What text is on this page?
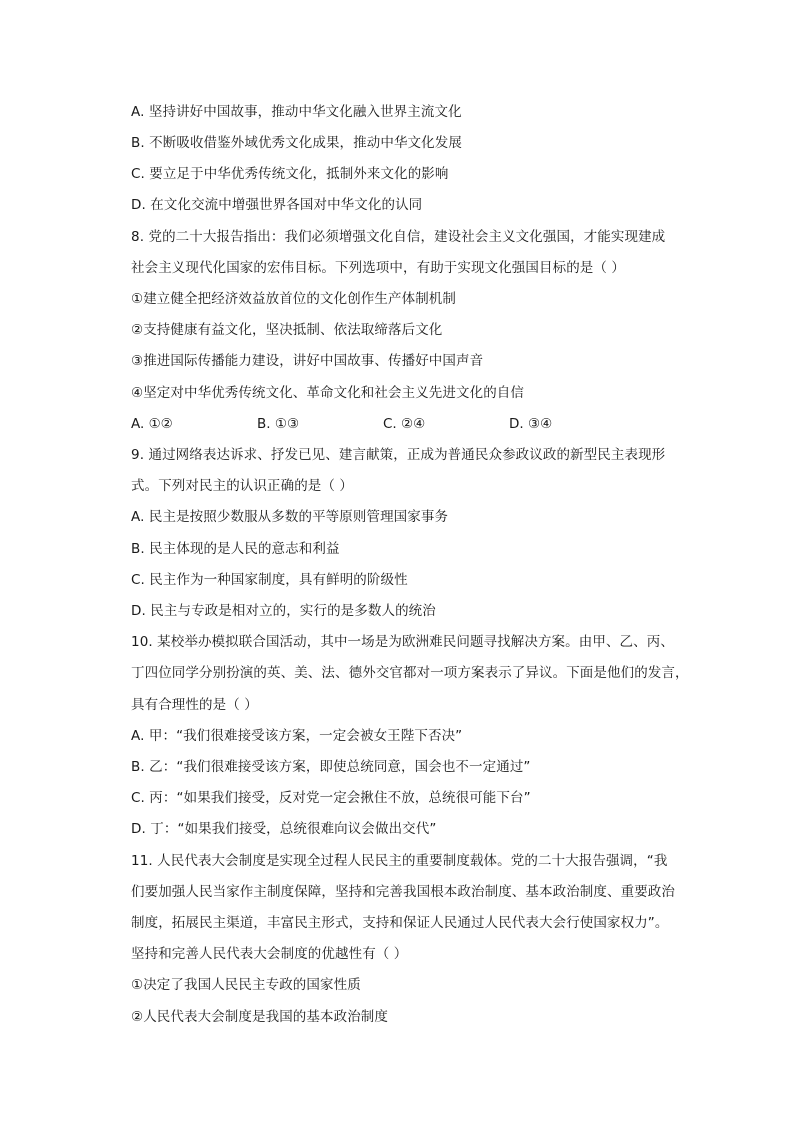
A. 坚持讲好中国故事，推动中华文化融入世界主流文化
B. 不断吸收借鉴外域优秀文化成果，推动中华文化发展
C. 要立足于中华优秀传统文化，抵制外来文化的影响
D. 在文化交流中增强世界各国对中华文化的认同
8. 党的二十大报告指出：我们必须增强文化自信，建设社会主义文化强国，才能实现建成
社会主义现代化国家的宏伟目标。下列选项中，有助于实现文化强国目标的是（ ）
①建立健全把经济效益放首位的文化创作生产体制机制
②支持健康有益文化，坚决抵制、依法取缔落后文化
③推进国际传播能力建设，讲好中国故事、传播好中国声音
④坚定对中华优秀传统文化、革命文化和社会主义先进文化的自信
A. ①②	B. ①③	C. ②④	D. ③④
9. 通过网络表达诉求、抒发已见、建言献策，正成为普通民众参政议政的新型民主表现形
式。下列对民主的认识正确的是（ ）
A. 民主是按照少数服从多数的平等原则管理国家事务
B. 民主体现的是人民的意志和利益
C. 民主作为一种国家制度，具有鲜明的阶级性
D. 民主与专政是相对立的，实行的是多数人的统治
10. 某校举办模拟联合国活动，其中一场是为欧洲难民问题寻找解决方案。由甲、乙、丙、
丁四位同学分别扮演的英、美、法、德外交官都对一项方案表示了异议。下面是他们的发言，
具有合理性的是（ ）
A. 甲：“我们很难接受该方案，一定会被女王陛下否决”
B. 乙：“我们很难接受该方案，即使总统同意，国会也不一定通过”
C. 丙：“如果我们接受，反对党一定会揪住不放，总统很可能下台”
D. 丁：“如果我们接受，总统很难向议会做出交代”
11. 人民代表大会制度是实现全过程人民民主的重要制度载体。党的二十大报告强调，“我
们要加强人民当家作主制度保障，坚持和完善我国根本政治制度、基本政治制度、重要政治
制度，拓展民主渠道，丰富民主形式，支持和保证人民通过人民代表大会行使国家权力”。
坚持和完善人民代表大会制度的优越性有（ ）
①决定了我国人民民主专政的国家性质
②人民代表大会制度是我国的基本政治制度
